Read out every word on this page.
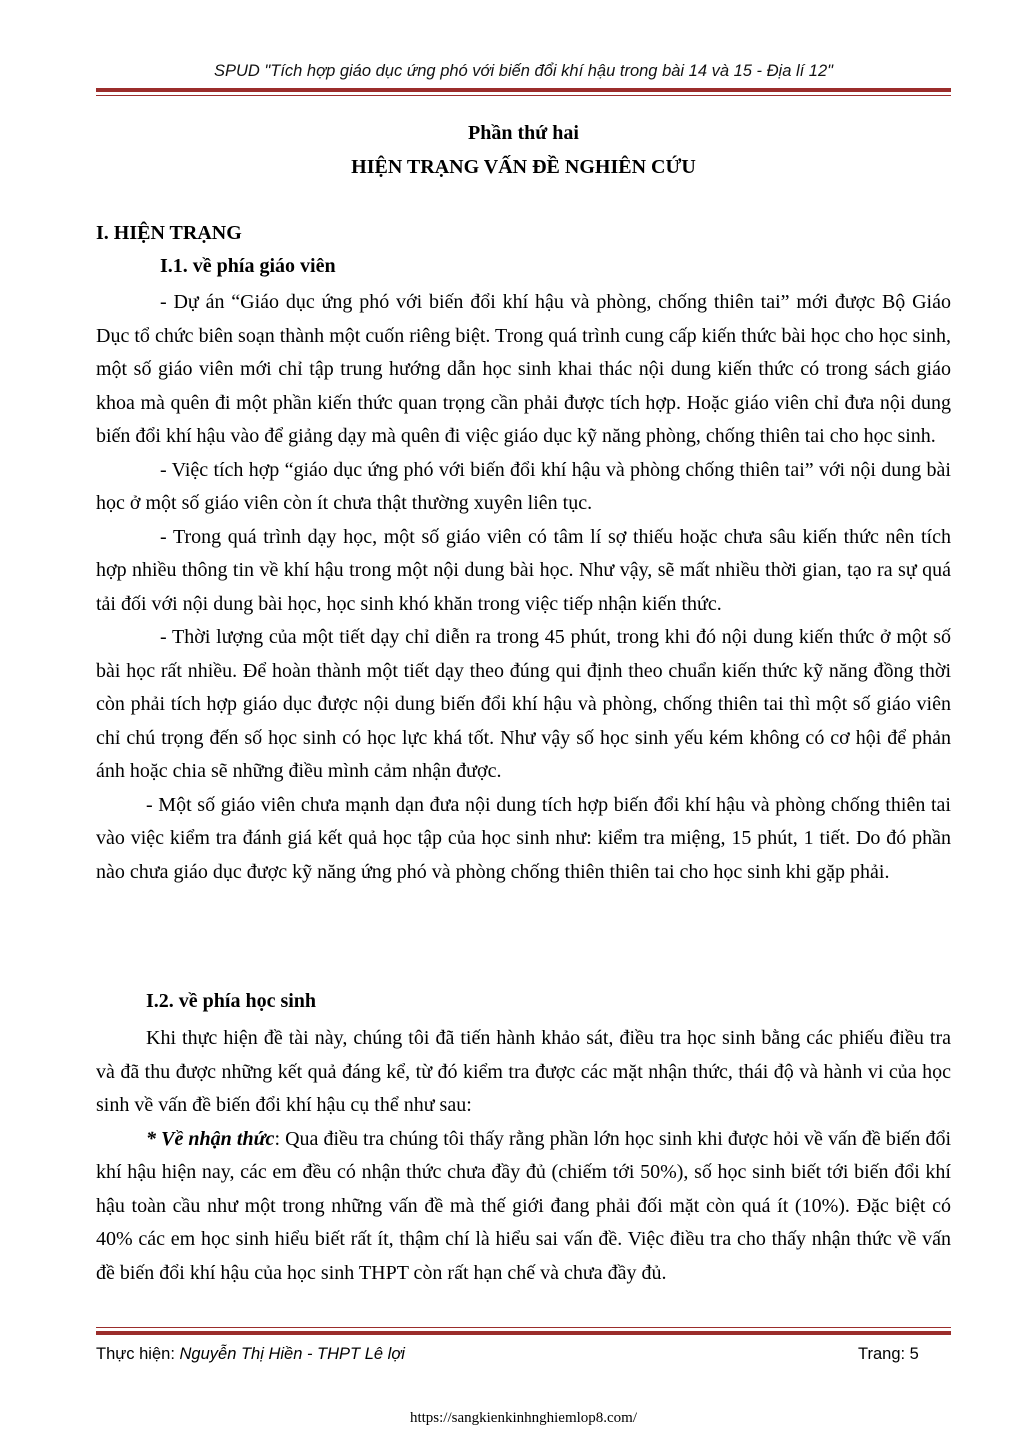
SPUD "Tích hợp giáo dục ứng phó với biến đổi khí hậu trong bài 14 và 15 - Địa lí 12"
Phần thứ hai
HIỆN TRẠNG VẤN ĐỀ NGHIÊN CỨU
I. HIỆN TRẠNG
I.1. về phía giáo viên

- Dự án “Giáo dục ứng phó với biến đổi khí hậu và phòng, chống thiên tai” mới được Bộ Giáo Dục tổ chức biên soạn thành một cuốn riêng biệt. Trong quá trình cung cấp kiến thức bài học cho học sinh, một số giáo viên mới chỉ tập trung hướng dẫn học sinh khai thác nội dung kiến thức có trong sách giáo khoa mà quên đi một phần kiến thức quan trọng cần phải được tích hợp. Hoặc giáo viên chỉ đưa nội dung biến đổi khí hậu vào để giảng dạy mà quên đi việc giáo dục kỹ năng phòng, chống thiên tai cho học sinh.

- Việc tích hợp “giáo dục ứng phó với biến đổi khí hậu và phòng chống thiên tai” với nội dung bài học ở một số giáo viên còn ít chưa thật thường xuyên liên tục.

- Trong quá trình dạy học, một số giáo viên có tâm lí sợ thiếu hoặc chưa sâu kiến thức nên tích hợp nhiều thông tin về khí hậu trong một nội dung bài học. Như vậy, sẽ mất nhiều thời gian, tạo ra sự quá tải đối với nội dung bài học, học sinh khó khăn trong việc tiếp nhận kiến thức.

- Thời lượng của một tiết dạy chỉ diễn ra trong 45 phút, trong khi đó nội dung kiến thức ở một số bài học rất nhiều. Để hoàn thành một tiết dạy theo đúng qui định theo chuẩn kiến thức kỹ năng đồng thời còn phải tích hợp giáo dục được nội dung biến đổi khí hậu và phòng, chống thiên tai thì một số giáo viên chỉ chú trọng đến số học sinh có học lực khá tốt. Như vậy số học sinh yếu kém không có cơ hội để phản ánh hoặc chia sẽ những điều mình cảm nhận được.

- Một số giáo viên chưa mạnh dạn đưa nội dung tích hợp biến đổi khí hậu và phòng chống thiên tai vào việc kiểm tra đánh giá kết quả học tập của học sinh như: kiểm tra miệng, 15 phút, 1 tiết. Do đó phần nào chưa giáo dục được kỹ năng ứng phó và phòng chống thiên thiên tai cho học sinh khi gặp phải.

I.2. về phía học sinh

Khi thực hiện đề tài này, chúng tôi đã tiến hành khảo sát, điều tra học sinh bằng các phiếu điều tra và đã thu được những kết quả đáng kể, từ đó kiểm tra được các mặt nhận thức, thái độ và hành vi của học sinh về vấn đề biến đổi khí hậu cụ thể như sau:

* Về nhận thức: Qua điều tra chúng tôi thấy rằng phần lớn học sinh khi được hỏi về vấn đề biến đổi khí hậu hiện nay, các em đều có nhận thức chưa đầy đủ (chiếm tới 50%), số học sinh biết tới biến đổi khí hậu toàn cầu như một trong những vấn đề mà thế giới đang phải đối mặt còn quá ít (10%). Đặc biệt có 40% các em học sinh hiểu biết rất ít, thậm chí là hiểu sai vấn đề. Việc điều tra cho thấy nhận thức về vấn đề biến đổi khí hậu của học sinh THPT còn rất hạn chế và chưa đầy đủ.

Thực hiện: Nguyễn Thị Hiền - THPT Lê lợi	Trang: 5
https://sangkienkinhnghiemlop8.com/
